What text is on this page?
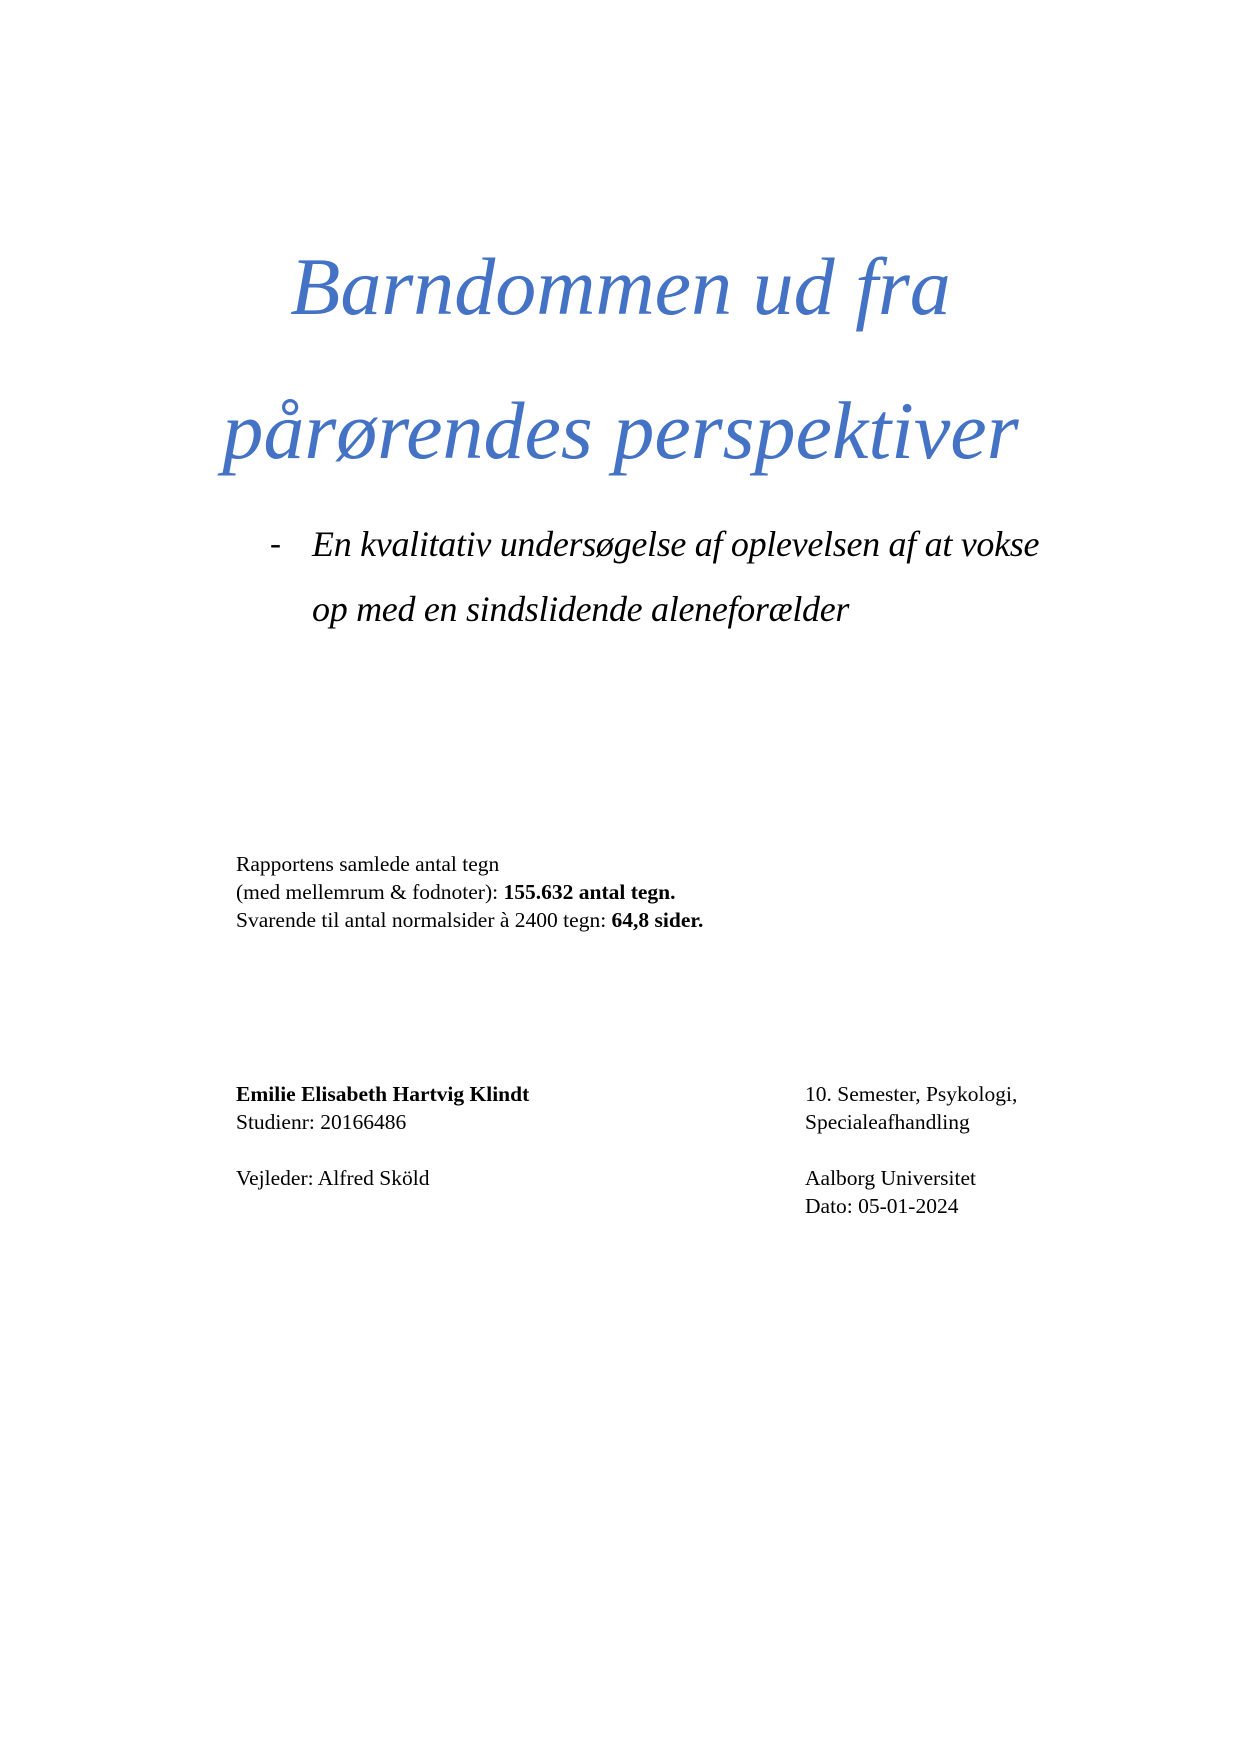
Barndommen ud fra
pårørendes perspektiver
- En kvalitativ undersøgelse af oplevelsen af at vokse
op med en sindslidende aleneforælder
Rapportens samlede antal tegn
(med mellemrum & fodnoter): 155.632 antal tegn.
Svarende til antal normalsider à 2400 tegn: 64,8 sider.
Emilie Elisabeth Hartvig Klindt
Studienr: 20166486
Vejleder: Alfred Sköld
10. Semester, Psykologi,
Specialeafhandling
Aalborg Universitet
Dato: 05-01-2024
